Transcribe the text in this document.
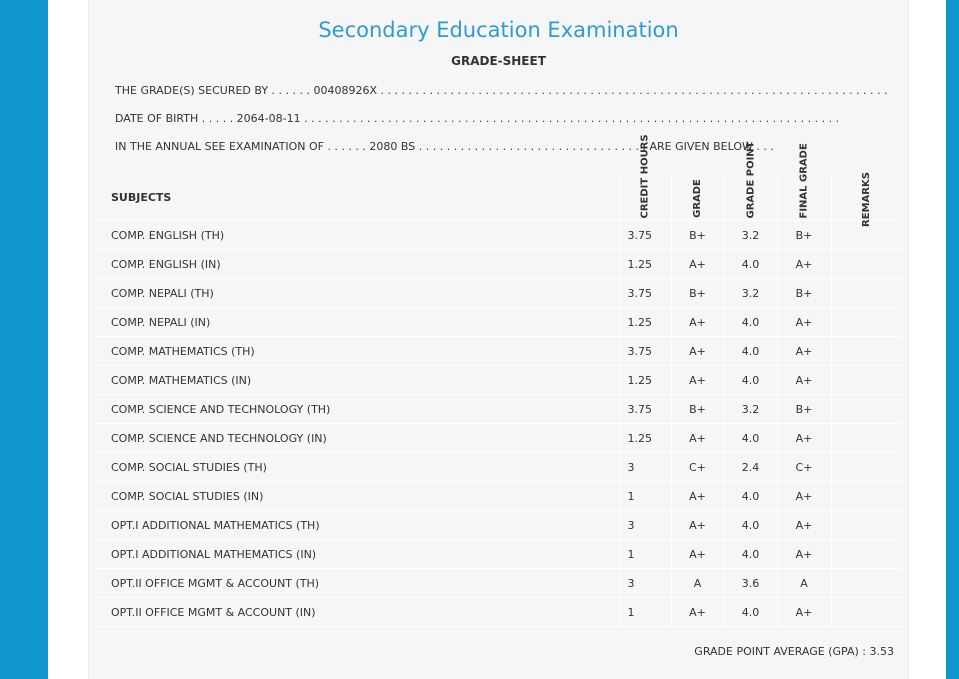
Secondary Education Examination
GRADE-SHEET
THE GRADE(S) SECURED BY . . . . . . 00408926X . . . . . . . . . . . . . . . . . . . . . . . . . . . . . . . . . . . . . . . . . . . . . . . . . . . . . . . . . . . . . . . . . . . . . . . . .
DATE OF BIRTH . . . . . 2064-08-11 . . . . . . . . . . . . . . . . . . . . . . . . . . . . . . . . . . . . . . . . . . . . . . . . . . . . . . . . . . . . . . . . . . . . . . . . . . . . .
IN THE ANNUAL SEE EXAMINATION OF . . . . . . 2080 BS . . . . . . . . . . . . . . . . . . . . . . . . . . . . . . . . . ARE GIVEN BELOW . . .
SUBJECTS	CREDIT HOURS	GRADE	GRADE POINT	FINAL GRADE	REMARKS
COMP. ENGLISH (TH)	3.75	B+	3.2	B+	
COMP. ENGLISH (IN)	1.25	A+	4.0	A+	
COMP. NEPALI (TH)	3.75	B+	3.2	B+	
COMP. NEPALI (IN)	1.25	A+	4.0	A+	
COMP. MATHEMATICS (TH)	3.75	A+	4.0	A+	
COMP. MATHEMATICS (IN)	1.25	A+	4.0	A+	
COMP. SCIENCE AND TECHNOLOGY (TH)	3.75	B+	3.2	B+	
COMP. SCIENCE AND TECHNOLOGY (IN)	1.25	A+	4.0	A+	
COMP. SOCIAL STUDIES (TH)	3	C+	2.4	C+	
COMP. SOCIAL STUDIES (IN)	1	A+	4.0	A+	
OPT.I ADDITIONAL MATHEMATICS (TH)	3	A+	4.0	A+	
OPT.I ADDITIONAL MATHEMATICS (IN)	1	A+	4.0	A+	
OPT.II OFFICE MGMT & ACCOUNT (TH)	3	A	3.6	A	
OPT.II OFFICE MGMT & ACCOUNT (IN)	1	A+	4.0	A+	
GRADE POINT AVERAGE (GPA) : 3.53
